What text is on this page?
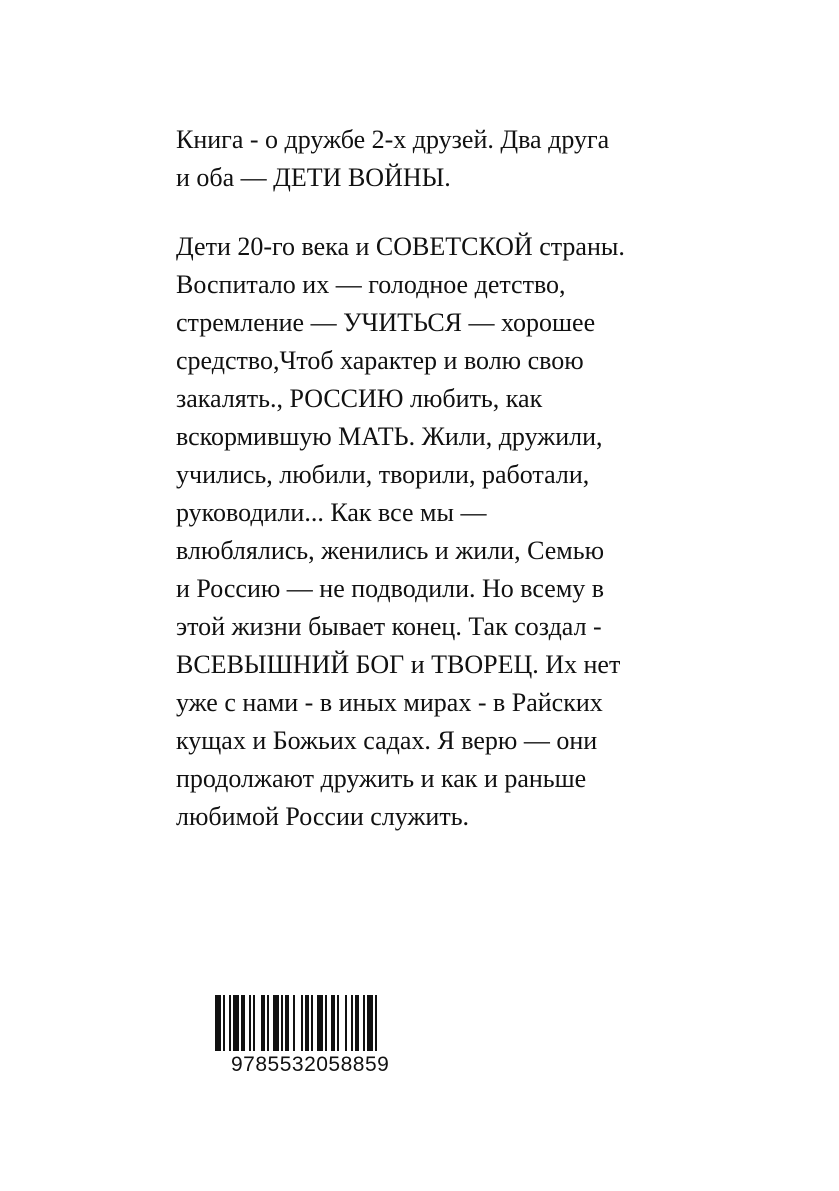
Книга - о дружбе 2-х друзей. Два друга
и оба — ДЕТИ ВОЙНЫ.
Дети 20-го века и СОВЕТСКОЙ страны.
Воспитало их — голодное детство,
стремление — УЧИТЬСЯ — хорошее
средство,Чтоб характер и волю свою
закалять., РОССИЮ любить, как
вскормившую МАТЬ. Жили, дружили,
учились, любили, творили, работали,
руководили... Как все мы —
влюблялись, женились и жили, Семью
и Россию — не подводили. Но всему в
этой жизни бывает конец. Так создал -
ВСЕВЫШНИЙ БОГ и ТВОРЕЦ. Их нет
уже с нами - в иных мирах - в Райских
кущах и Божьих садах. Я верю — они
продолжают дружить и как и раньше
любимой России служить.
9785532058859
